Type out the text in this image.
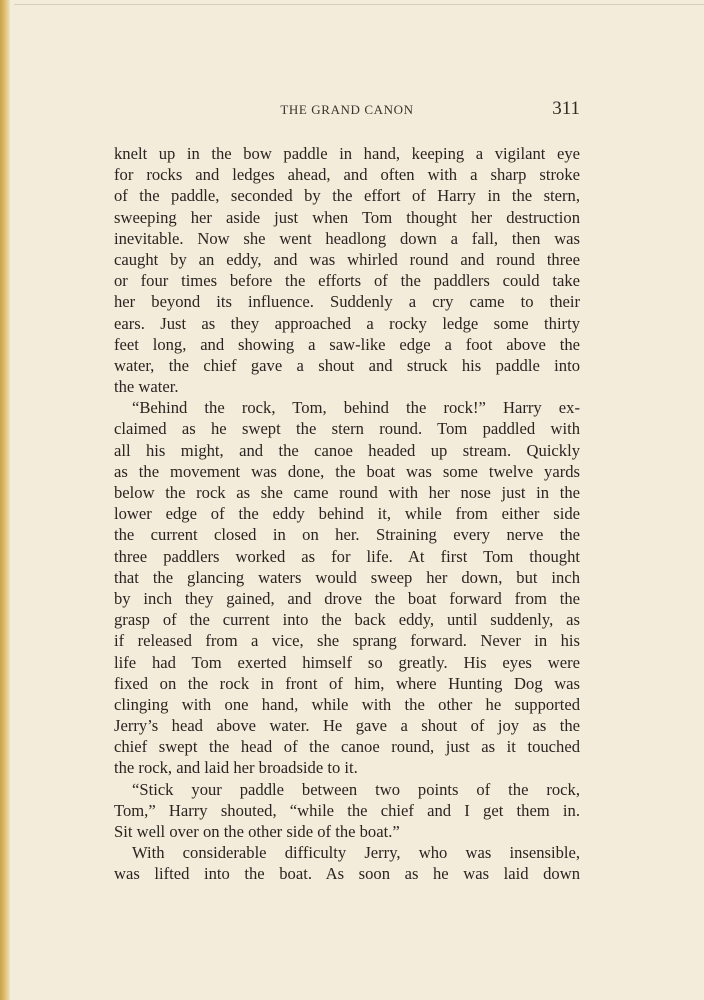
THE GRAND CANON	311
knelt up in the bow paddle in hand, keeping a vigilant eye
for rocks and ledges ahead, and often with a sharp stroke
of the paddle, seconded by the effort of Harry in the stern,
sweeping her aside just when Tom thought her destruction
inevitable. Now she went headlong down a fall, then was
caught by an eddy, and was whirled round and round three
or four times before the efforts of the paddlers could take
her beyond its influence. Suddenly a cry came to their
ears. Just as they approached a rocky ledge some thirty
feet long, and showing a saw-like edge a foot above the
water, the chief gave a shout and struck his paddle into
the water.
“Behind the rock, Tom, behind the rock!” Harry ex-
claimed as he swept the stern round. Tom paddled with
all his might, and the canoe headed up stream. Quickly
as the movement was done, the boat was some twelve yards
below the rock as she came round with her nose just in the
lower edge of the eddy behind it, while from either side
the current closed in on her. Straining every nerve the
three paddlers worked as for life. At first Tom thought
that the glancing waters would sweep her down, but inch
by inch they gained, and drove the boat forward from the
grasp of the current into the back eddy, until suddenly, as
if released from a vice, she sprang forward. Never in his
life had Tom exerted himself so greatly. His eyes were
fixed on the rock in front of him, where Hunting Dog was
clinging with one hand, while with the other he supported
Jerry’s head above water. He gave a shout of joy as the
chief swept the head of the canoe round, just as it touched
the rock, and laid her broadside to it.
“Stick your paddle between two points of the rock,
Tom,” Harry shouted, “while the chief and I get them in.
Sit well over on the other side of the boat.”
With considerable difficulty Jerry, who was insensible,
was lifted into the boat. As soon as he was laid down
